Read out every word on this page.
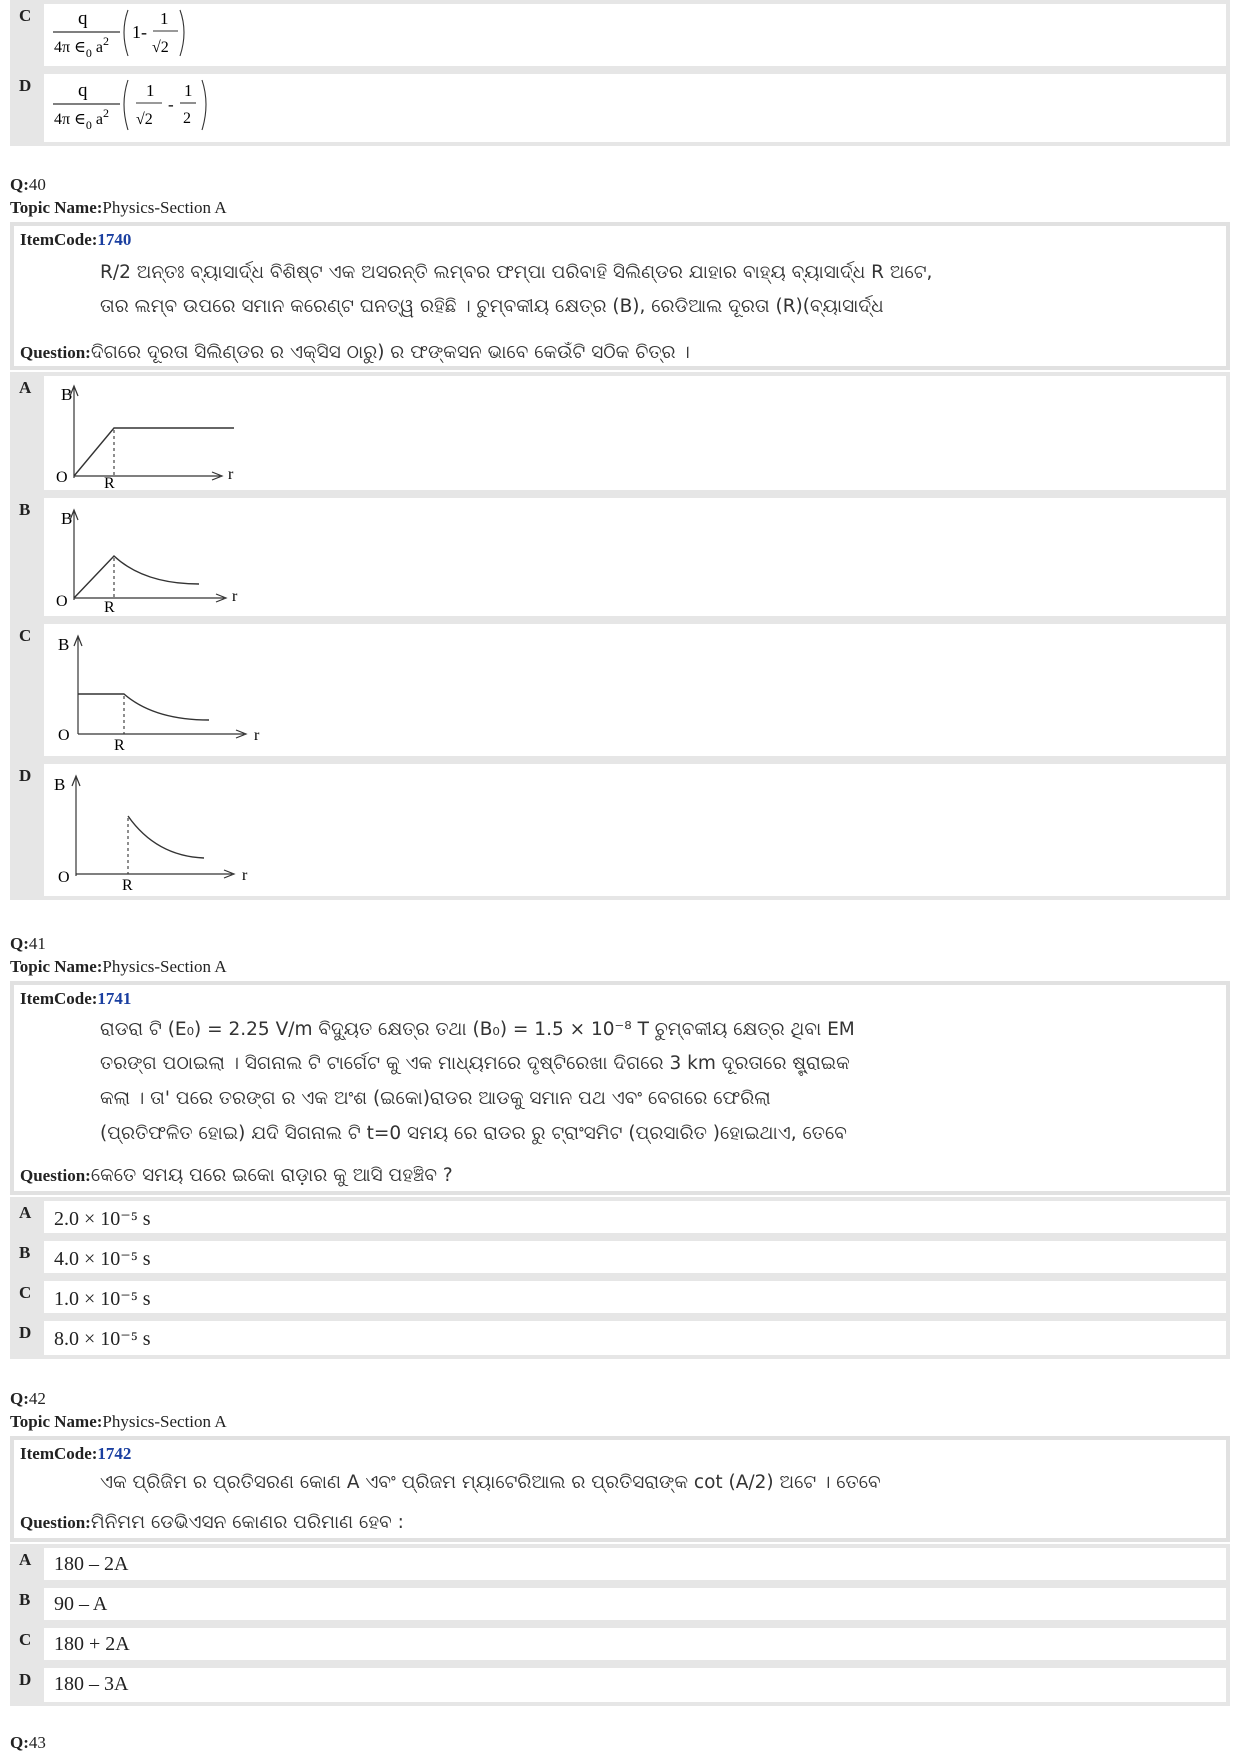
C	q
4π $\in_0$ $a^2$ 1-
1
√2
D	q
4π $\in_0$ $a^2$
1
√2
-
1
2
Q:40
Topic Name:Physics-Section A
ItemCode:1740
R/2 ଅନ୍ତଃ ବ୍ୟାସାର୍ଦ୍ଧ ବିଶିଷ୍ଟ ଏକ ଅସରନ୍ତି ଲମ୍ବର ଫମ୍ପା ପରିବାହି ସିଲିଣ୍ଡର ଯାହାର ବାହ୍ୟ ବ୍ୟାସାର୍ଦ୍ଧ R ଅଟେ,
ତାର ଲମ୍ବ ଉପରେ ସମାନ କରେଣ୍ଟ ଘନତ୍ୱ ରହିଛି । ଚୁମ୍ବକୀୟ କ୍ଷେତ୍ର (B), ରେଡିଆଲ ଦୂରତା (R)(ବ୍ୟାସାର୍ଦ୍ଧ
Question:ଦିଗରେ ଦୂରତା ସିଲିଣ୍ଡର ର ଏକ୍ସିସ ଠାରୁ) ର ଫଙ୍କସନ ଭାବେ କେଉଁଟି ସଠିକ ଚିତ୍ର ।
A	B
O R
r
B	B
O R
r
C	B
O
R
r
D	B
O	R
r
Q:41
Topic Name:Physics-Section A
ItemCode:1741
ରାଡରା ଟି (E₀) = 2.25 V/m ବିଦ୍ୟୁତ କ୍ଷେତ୍ର ତଥା (B₀) = 1.5 × 10⁻⁸ T ଚୁମ୍ବକୀୟ କ୍ଷେତ୍ର ଥିବା EM
ତରଙ୍ଗ ପଠାଇଲା । ସିଗନାଲ ଟି ଟାର୍ଗେଟ କୁ ଏକ ମାଧ୍ୟମରେ ଦୃଷ୍ଟିରେଖା ଦିଗରେ 3 km ଦୂରତାରେ ଷ୍ଟ୍ରାଇକ
କଲା । ତା' ପରେ ତରଙ୍ଗ ର ଏକ ଅଂଶ (ଇକୋ)ରାଡର ଆଡକୁ ସମାନ ପଥ ଏବଂ ବେଗରେ ଫେରିଲା
(ପ୍ରତିଫଳିତ ହୋଇ) ଯଦି ସିଗନାଲ ଟି t=0 ସମୟ ରେ ରାଡର ରୁ ଟ୍ରାଂସମିଟ (ପ୍ରସାରିତ )ହୋଇଥାଏ, ତେବେ
Question:କେତେ ସମୟ ପରେ ଇକୋ ରାଡ଼ାର କୁ ଆସି ପହଞ୍ଚିବ ?
A	2.0 × 10⁻⁵ s
B	4.0 × 10⁻⁵ s
C	1.0 × 10⁻⁵ s
D	8.0 × 10⁻⁵ s
Q:42
Topic Name:Physics-Section A
ItemCode:1742
ଏକ ପ୍ରିଜିମ ର ପ୍ରତିସରଣ କୋଣ A ଏବଂ ପ୍ରିଜମ ମ୍ୟାଟେରିଆଲ ର ପ୍ରତିସରାଙ୍କ cot (A/2) ଅଟେ । ତେବେ
Question:ମିନିମମ ଡେଭିଏସନ କୋଣର ପରିମାଣ ହେବ :
A	180 – 2A
B	90 – A
C	180 + 2A
D	180 – 3A
Q:43
